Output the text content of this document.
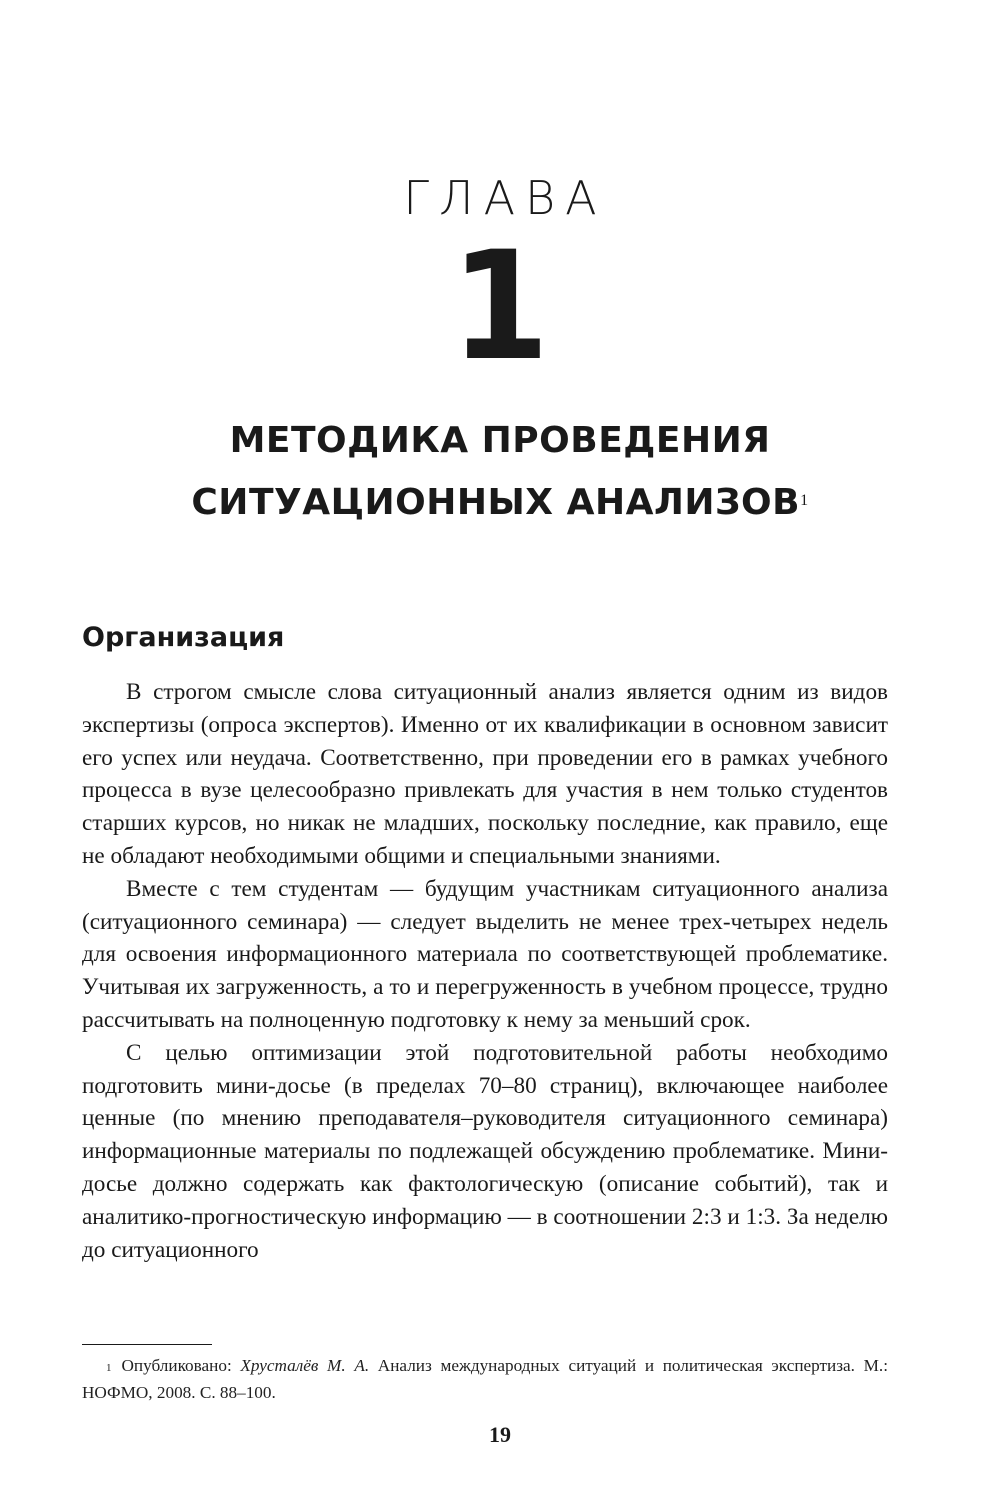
ГЛАВА
1
МЕТОДИКА ПРОВЕДЕНИЯ
СИТУАЦИОННЫХ АНАЛИЗОВ$^1$
Организация

В строгом смысле слова ситуационный анализ является одним из видов экспертизы (опроса экспертов). Именно от их квалификации в основном зависит его успех или неудача. Соответственно, при проведении его в рамках учебного процесса в вузе целесообразно привлекать для участия в нем только студентов старших курсов, но никак не младших, поскольку последние, как правило, еще не обладают необходимыми общими и специальными знаниями.

Вместе с тем студентам — будущим участникам ситуационного анализа (ситуационного семинара) — следует выделить не менее трех-четырех недель для освоения информационного материала по соответствующей проблематике. Учитывая их загруженность, а то и перегруженность в учебном процессе, трудно рассчитывать на полноценную подготовку к нему за меньший срок.

С целью оптимизации этой подготовительной работы необходимо подготовить мини-досье (в пределах 70–80 страниц), включающее наиболее ценные (по мнению преподавателя–руководителя ситуационного семинара) информационные материалы по подлежащей обсуждению проблематике. Мини-досье должно содержать как фактологическую (описание событий), так и аналитико-прогностическую информацию — в соотношении 2:3 и 1:3. За неделю до ситуационного

$^1$ Опубликовано: Хрусталёв М. А. Анализ международных ситуаций и политическая экспертиза. М.: НОФМО, 2008. С. 88–100.
19
